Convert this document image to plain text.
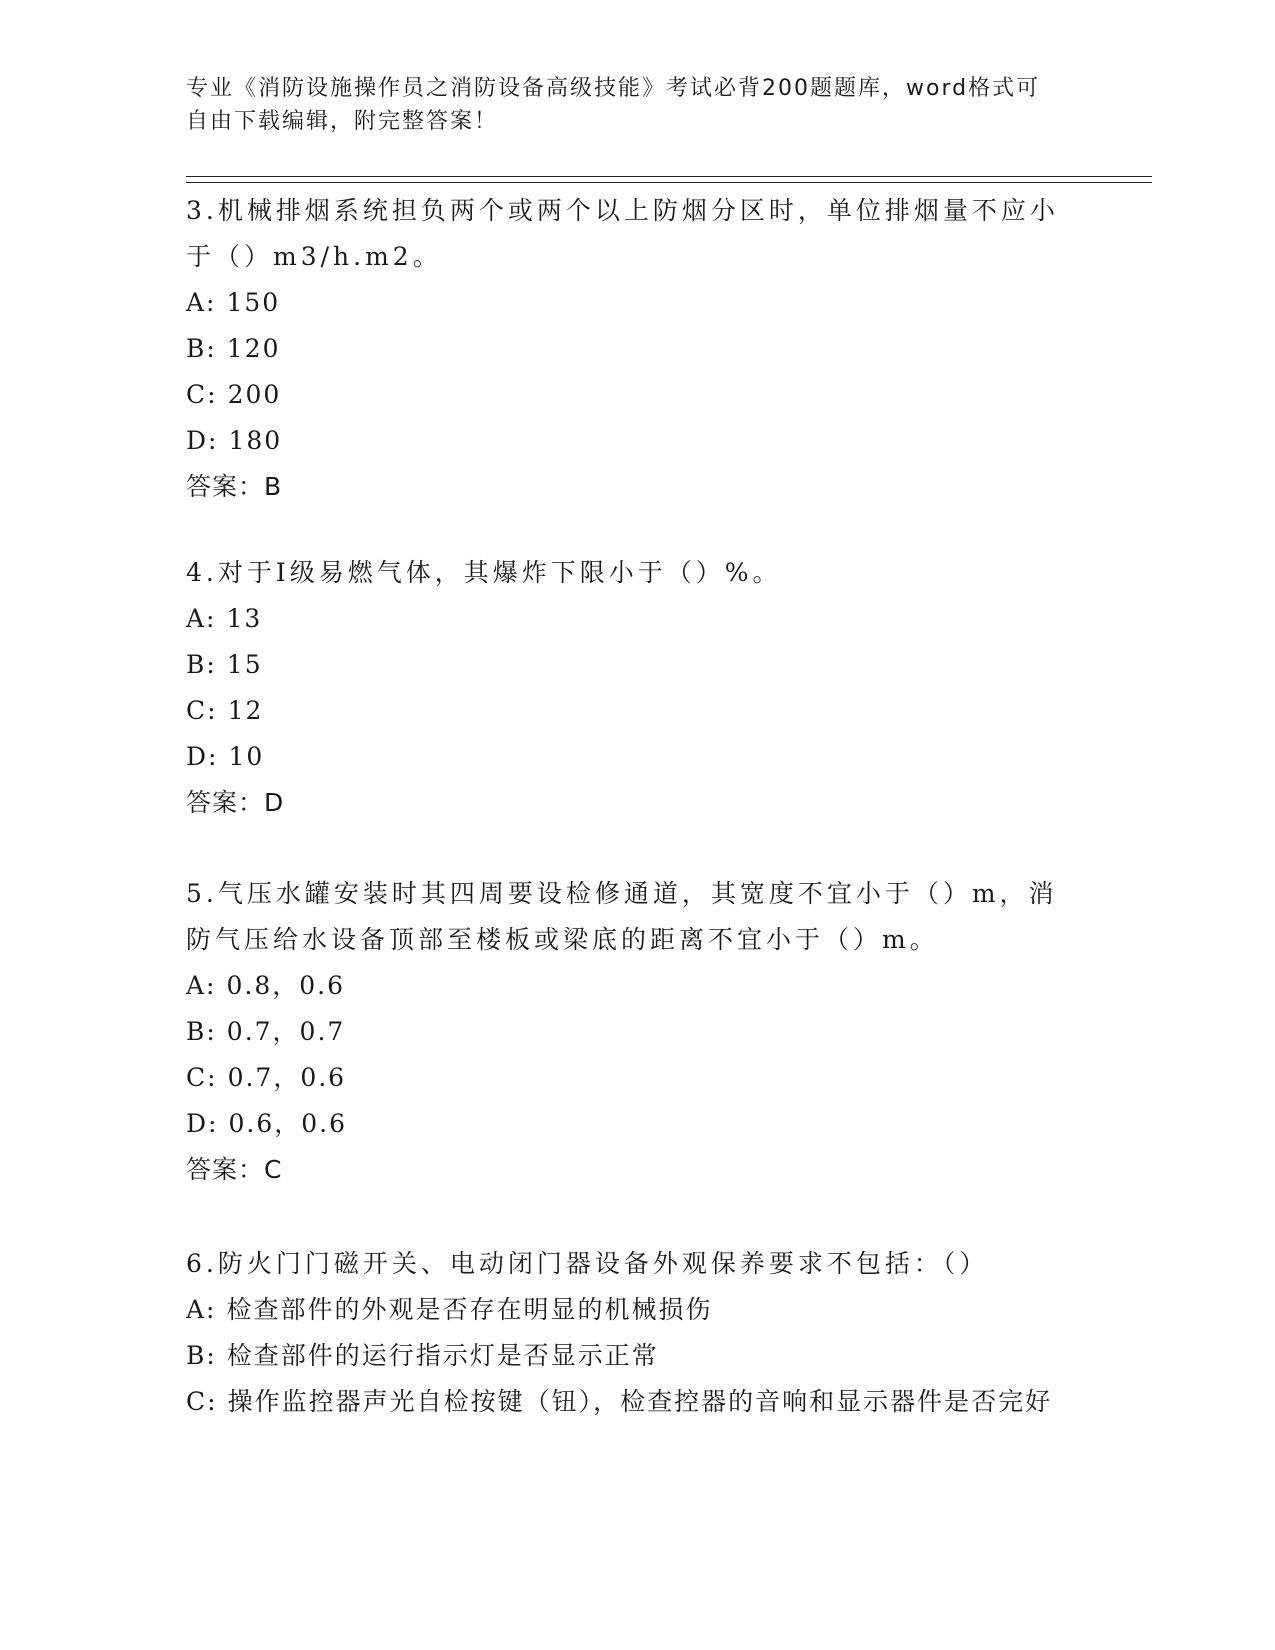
专业《消防设施操作员之消防设备高级技能》考试必背200题题库，word格式可
自由下载编辑，附完整答案！

3.机械排烟系统担负两个或两个以上防烟分区时，单位排烟量不应小于（）m3/h.m2。

A: 150
B: 120
C: 200
D: 180
答案：B

4.对于Ⅰ级易燃气体，其爆炸下限小于（）%。

A: 13
B: 15
C: 12
D: 10
答案：D

5.气压水罐安装时其四周要设检修通道，其宽度不宜小于（）m，消防气压给水设备顶部至楼板或梁底的距离不宜小于（）m。

A: 0.8，0.6
B: 0.7，0.7
C: 0.7，0.6
D: 0.6，0.6
答案：C

6.防火门门磁开关、电动闭门器设备外观保养要求不包括：（）

A: 检查部件的外观是否存在明显的机械损伤
B: 检查部件的运行指示灯是否显示正常
C: 操作监控器声光自检按键（钮），检查控器的音响和显示器件是否完好
